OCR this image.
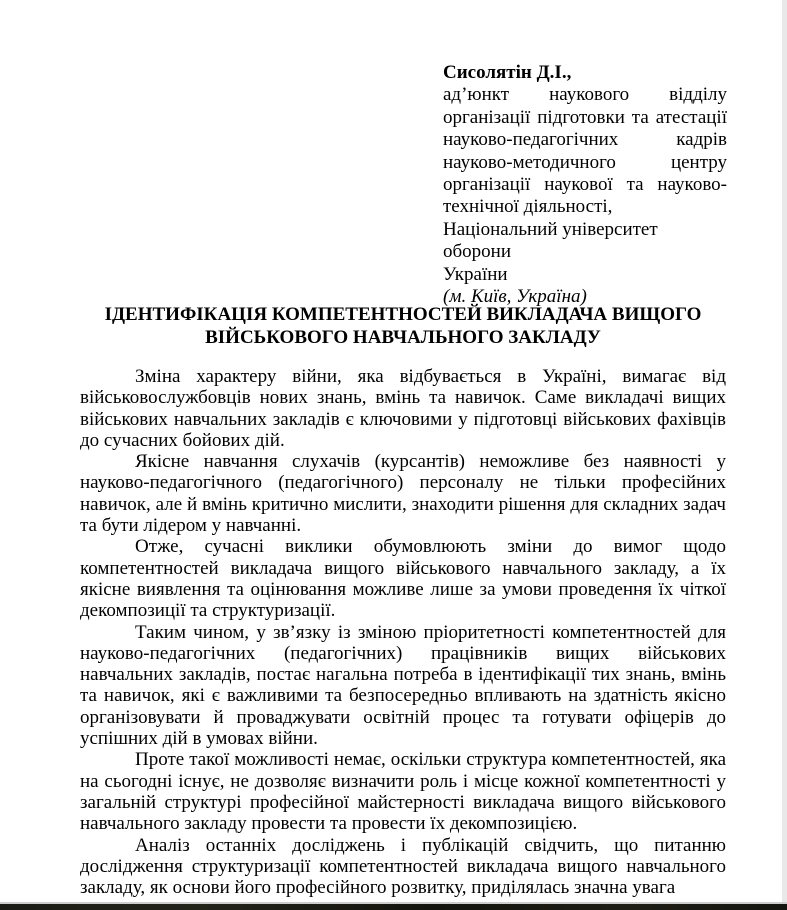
Сисолятін Д.І.,
ад’юнкт наукового відділу
організації підготовки та атестації
науково-педагогічних кадрів
науково-методичного центру
організації наукової та науково-
технічної діяльності,
Національний університет оборони
України
(м. Київ, Україна)
ІДЕНТИФІКАЦІЯ КОМПЕТЕНТНОСТЕЙ ВИКЛАДАЧА ВИЩОГО
ВІЙСЬКОВОГО НАВЧАЛЬНОГО ЗАКЛАДУ

Зміна характеру війни, яка відбувається в Україні, вимагає від військовослужбовців нових знань, вмінь та навичок. Саме викладачі вищих військових навчальних закладів є ключовими у підготовці військових фахівців до сучасних бойових дій.

Якісне навчання слухачів (курсантів) неможливе без наявності у науково-педагогічного (педагогічного) персоналу не тільки професійних навичок, але й вмінь критично мислити, знаходити рішення для складних задач та бути лідером у навчанні.

Отже, сучасні виклики обумовлюють зміни до вимог щодо компетентностей викладача вищого військового навчального закладу, а їх якісне виявлення та оцінювання можливе лише за умови проведення їх чіткої декомпозиції та структуризації.

Таким чином, у зв’язку із зміною пріоритетності компетентностей для науково-педагогічних (педагогічних) працівників вищих військових навчальних закладів, постає нагальна потреба в ідентифікації тих знань, вмінь та навичок, які є важливими та безпосередньо впливають на здатність якісно організовувати й проваджувати освітній процес та готувати офіцерів до успішних дій в умовах війни.

Проте такої можливості немає, оскільки структура компетентностей, яка на сьогодні існує, не дозволяє визначити роль і місце кожної компетентності у загальній структурі професійної майстерності викладача вищого військового навчального закладу провести та провести їх декомпозицією.

Аналіз останніх досліджень і публікацій свідчить, що питанню дослідження структуризації компетентностей викладача вищого навчального закладу, як основи його професійного розвитку, приділялась значна увага
